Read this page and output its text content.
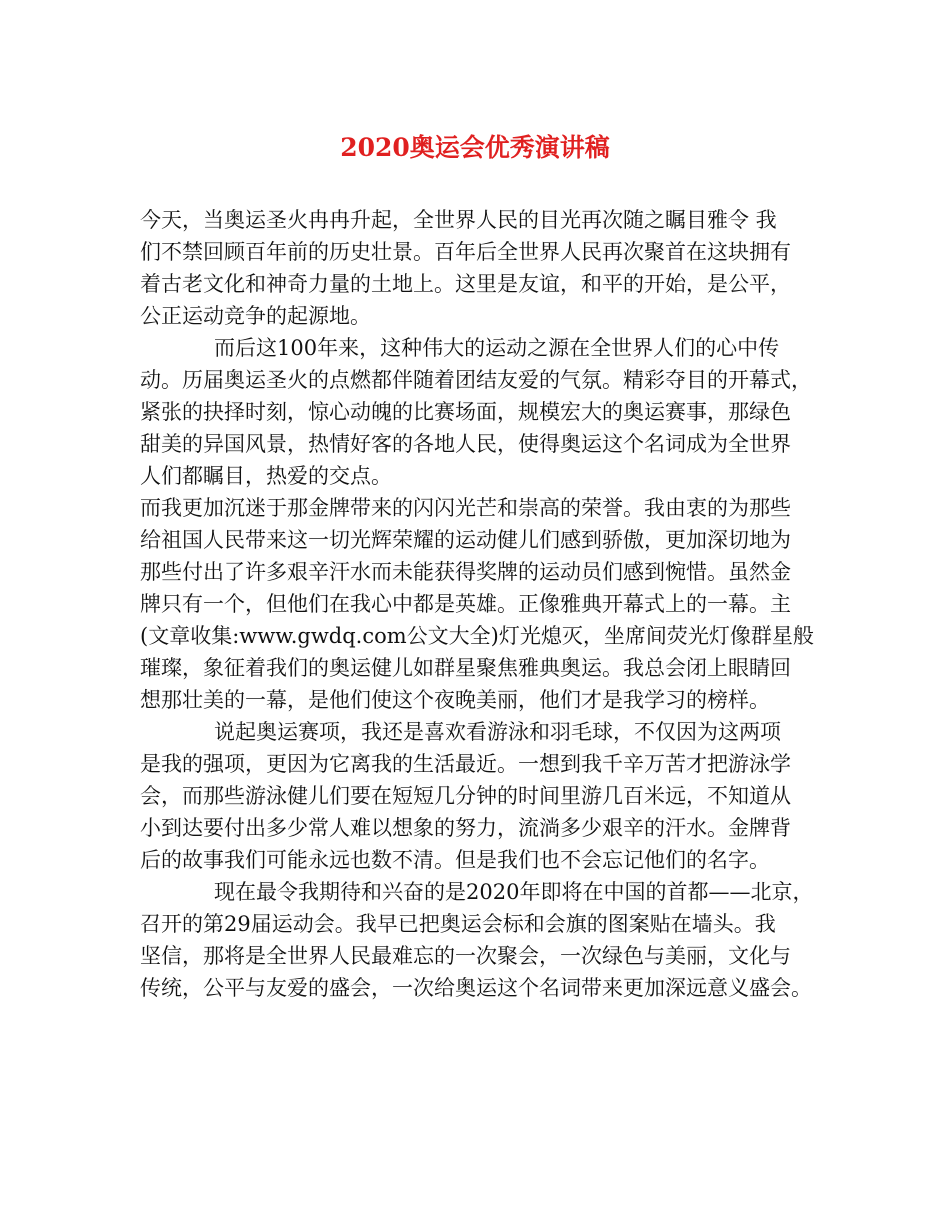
2020奥运会优秀演讲稿
今天，当奥运圣火冉冉升起，全世界人民的目光再次随之瞩目雅令 我
们不禁回顾百年前的历史壮景。百年后全世界人民再次聚首在这块拥有
着古老文化和神奇力量的土地上。这里是友谊，和平的开始，是公平，
公正运动竞争的起源地。
而后这100年来，这种伟大的运动之源在全世界人们的心中传
动。历届奥运圣火的点燃都伴随着团结友爱的气氛。精彩夺目的开幕式，
紧张的抉择时刻，惊心动魄的比赛场面，规模宏大的奥运赛事，那绿色
甜美的异国风景，热情好客的各地人民，使得奥运这个名词成为全世界
人们都瞩目，热爱的交点。
而我更加沉迷于那金牌带来的闪闪光芒和崇高的荣誉。我由衷的为那些
给祖国人民带来这一切光辉荣耀的运动健儿们感到骄傲，更加深切地为
那些付出了许多艰辛汗水而未能获得奖牌的运动员们感到惋惜。虽然金
牌只有一个，但他们在我心中都是英雄。正像雅典开幕式上的一幕。主
(文章收集:www.gwdq.com公文大全)灯光熄灭，坐席间荧光灯像群星般
璀璨，象征着我们的奥运健儿如群星聚焦雅典奥运。我总会闭上眼睛回
想那壮美的一幕，是他们使这个夜晚美丽，他们才是我学习的榜样。
说起奥运赛项，我还是喜欢看游泳和羽毛球，不仅因为这两项
是我的强项，更因为它离我的生活最近。一想到我千辛万苦才把游泳学
会，而那些游泳健儿们要在短短几分钟的时间里游几百米远，不知道从
小到达要付出多少常人难以想象的努力，流淌多少艰辛的汗水。金牌背
后的故事我们可能永远也数不清。但是我们也不会忘记他们的名字。
现在最令我期待和兴奋的是2020年即将在中国的首都——北京，
召开的第29届运动会。我早已把奥运会标和会旗的图案贴在墙头。我
坚信，那将是全世界人民最难忘的一次聚会，一次绿色与美丽，文化与
传统，公平与友爱的盛会，一次给奥运这个名词带来更加深远意义盛会。
